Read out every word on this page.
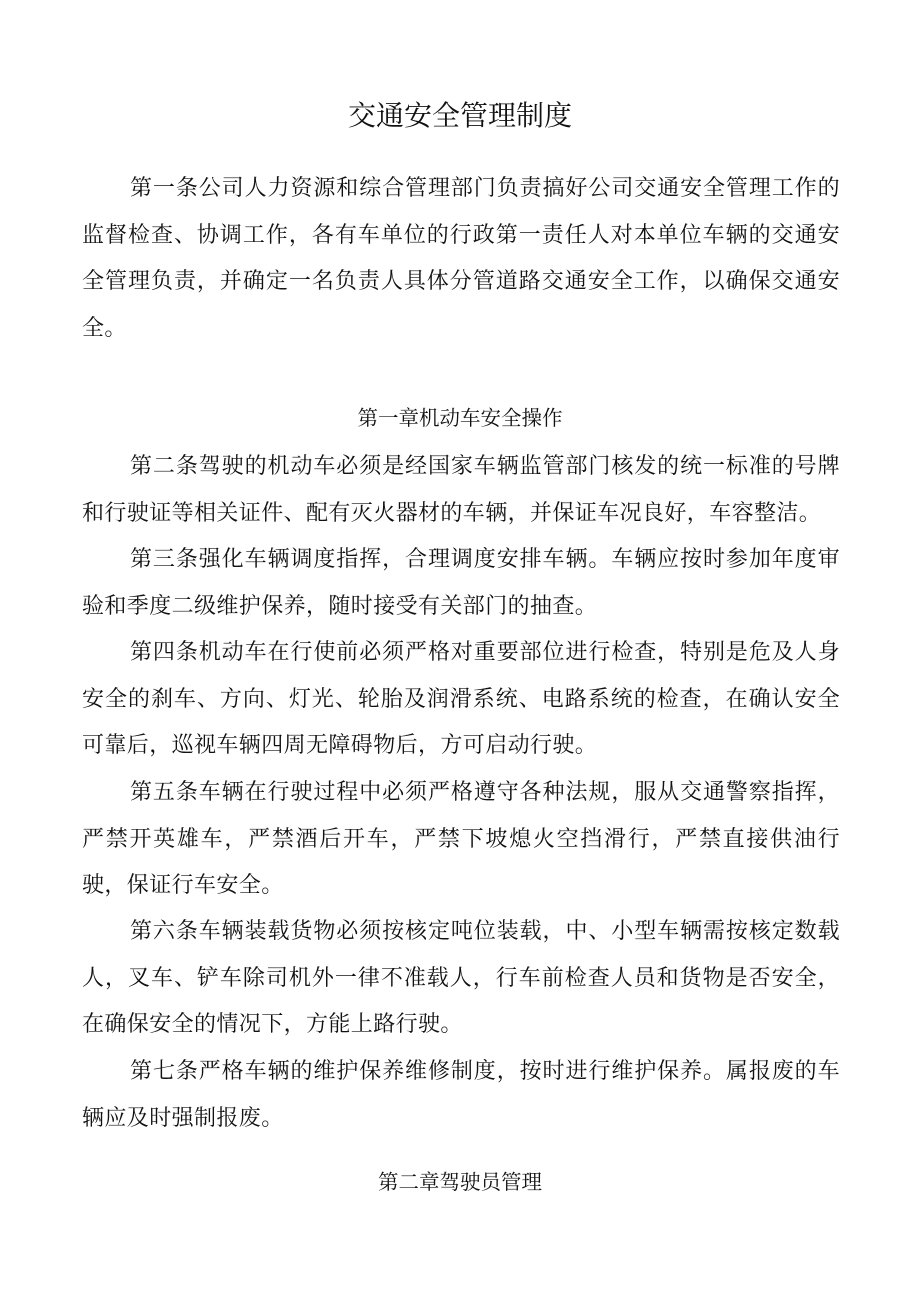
交通安全管理制度

第一条公司人力资源和综合管理部门负责搞好公司交通安全管理工作的监督检查、协调工作，各有车单位的行政第一责任人对本单位车辆的交通安全管理负责，并确定一名负责人具体分管道路交通安全工作，以确保交通安全。

第一章机动车安全操作

第二条驾驶的机动车必须是经国家车辆监管部门核发的统一标准的号牌和行驶证等相关证件、配有灭火器材的车辆，并保证车况良好，车容整洁。

第三条强化车辆调度指挥，合理调度安排车辆。车辆应按时参加年度审验和季度二级维护保养，随时接受有关部门的抽查。

第四条机动车在行使前必须严格对重要部位进行检查，特别是危及人身安全的刹车、方向、灯光、轮胎及润滑系统、电路系统的检查，在确认安全可靠后，巡视车辆四周无障碍物后，方可启动行驶。

第五条车辆在行驶过程中必须严格遵守各种法规，服从交通警察指挥，严禁开英雄车，严禁酒后开车，严禁下坡熄火空挡滑行，严禁直接供油行驶，保证行车安全。

第六条车辆装载货物必须按核定吨位装载，中、小型车辆需按核定数载人，叉车、铲车除司机外一律不准载人，行车前检查人员和货物是否安全，在确保安全的情况下，方能上路行驶。

第七条严格车辆的维护保养维修制度，按时进行维护保养。属报废的车辆应及时强制报废。

第二章驾驶员管理
